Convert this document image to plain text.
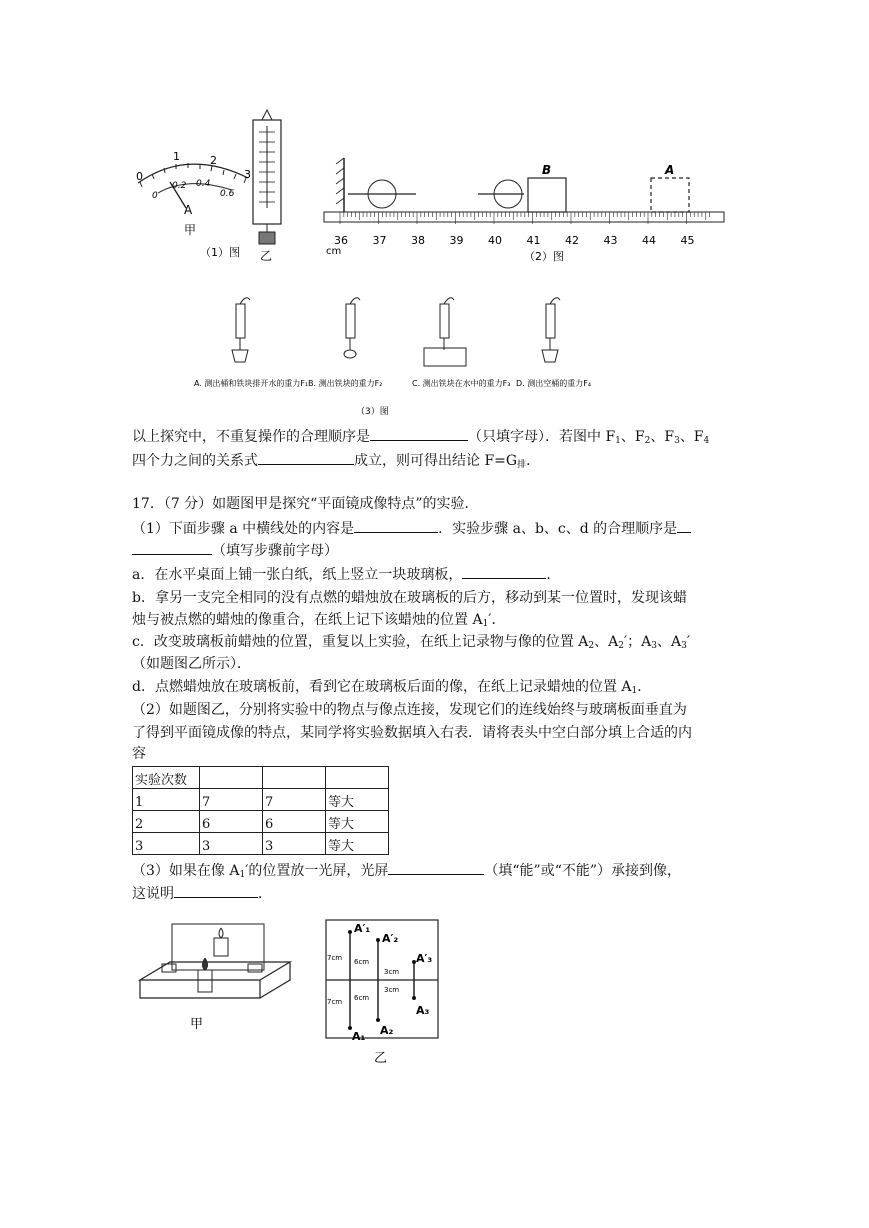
0
1	2
3
0
0.2 0.4
0.6
A
甲
乙
（1）图
B	A
36 37 38 39 40 41 42 43 44 45
cm	（2）图
A. 测出桶和铁块排开水的重力F₁ B. 测出铁块的重力F₂	C. 测出铁块在水中的重力F₃ D. 测出空桶的重力F₄
（3）图
以上探究中，不重复操作的合理顺序是	（只填字母）．若图中 $F_1$、$F_2$、$F_3$、$F_4$
四个力之间的关系式	成立，则可得出结论 $F=G_排$．
17．（7 分）如题图甲是探究“平面镜成像特点”的实验．
（1）下面步骤 a 中横线处的内容是	．实验步骤 a、b、c、d 的合理顺序是
（填写步骤前字母）
a．在水平桌面上铺一张白纸，纸上竖立一块玻璃板，	．
b．拿另一支完全相同的没有点燃的蜡烛放在玻璃板的后方，移动到某一位置时，发现该蜡
烛与被点燃的蜡烛的像重合，在纸上记下该蜡烛的位置 $A_1'$．
c．改变玻璃板前蜡烛的位置，重复以上实验，在纸上记录物与像的位置 $A_2$、$A_2'$；$A_3$、$A_3'$
（如题图乙所示）．
d．点燃蜡烛放在玻璃板前，看到它在玻璃板后面的像，在纸上记录蜡烛的位置 $A_1$．
（2）如题图乙，分别将实验中的物点与像点连接，发现它们的连线始终与玻璃板面垂直为
了得到平面镜成像的特点，某同学将实验数据填入右表．请将表头中空白部分填上合适的内
容
实验次数			
1	7	7	等大
2	6	6	等大
3	3	3	等大
（3）如果在像 $A_1'$的位置放一光屏，光屏	（填“能”或“不能”）承接到像，
这说明	．
甲
A′₁
A′₂
A′₃
A₁ A₂
A₃
7cm 6cm
3cm
7cm 6cm
3cm
乙
